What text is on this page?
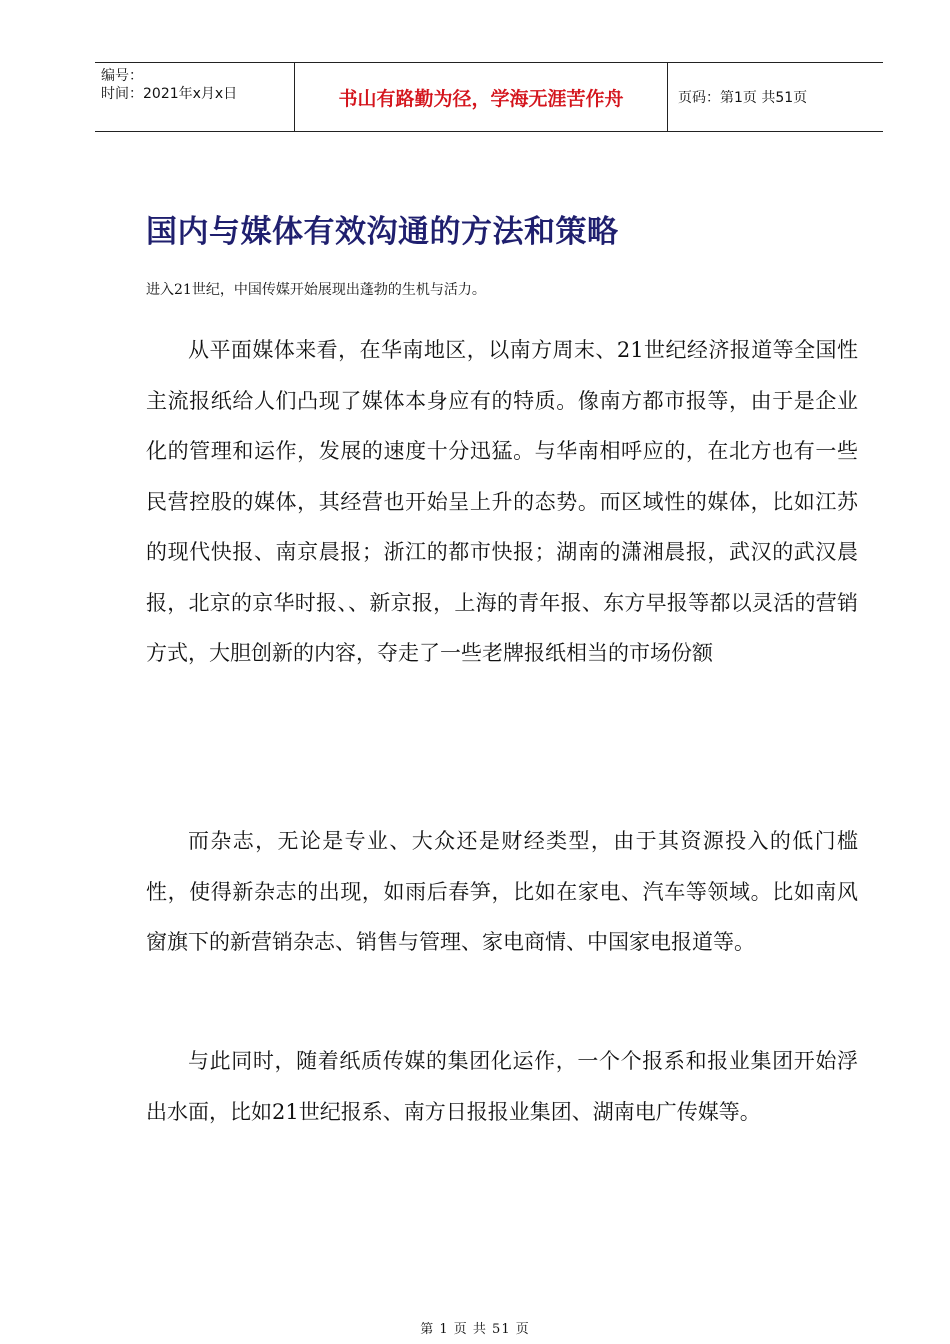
编号：
时间：2021年x月x日	书山有路勤为径，学海无涯苦作舟	页码：第1页 共51页
国内与媒体有效沟通的方法和策略
进入21世纪，中国传媒开始展现出蓬勃的生机与活力。

从平面媒体来看，在华南地区，以南方周末、21世纪经济报道等全国性主流报纸给人们凸现了媒体本身应有的特质。像南方都市报等，由于是企业化的管理和运作，发展的速度十分迅猛。与华南相呼应的，在北方也有一些民营控股的媒体，其经营也开始呈上升的态势。而区域性的媒体，比如江苏的现代快报、南京晨报；浙江的都市快报；湖南的潇湘晨报，武汉的武汉晨报，北京的京华时报、、新京报，上海的青年报、东方早报等都以灵活的营销方式，大胆创新的内容，夺走了一些老牌报纸相当的市场份额

而杂志，无论是专业、大众还是财经类型，由于其资源投入的低门槛性，使得新杂志的出现，如雨后春笋，比如在家电、汽车等领域。比如南风窗旗下的新营销杂志、销售与管理、家电商情、中国家电报道等。

与此同时，随着纸质传媒的集团化运作，一个个报系和报业集团开始浮出水面，比如21世纪报系、南方日报报业集团、湖南电广传媒等。

第 1 页 共 51 页
